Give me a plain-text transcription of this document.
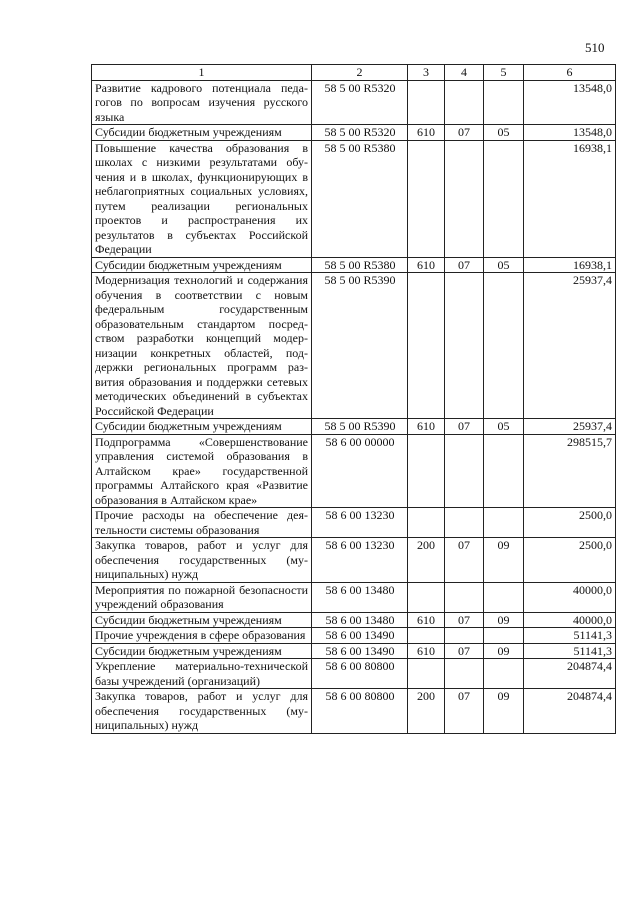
510
1	2	3	4	5	6
Развитие кадрового потенциала педагогов по вопросам изучения русского языка	58 5 00 R5320				13548,0
Субсидии бюджетным учреждениям	58 5 00 R5320	610	07	05	13548,0
Повышение качества образования в школах с низкими результатами обучения и в школах, функционирующих в неблагоприятных социальных условиях, путем реализации региональных проектов и распространения их результатов в субъектах Российской Федерации	58 5 00 R5380				16938,1
Субсидии бюджетным учреждениям	58 5 00 R5380	610	07	05	16938,1
Модернизация технологий и содержания обучения в соответствии с новым федеральным государственным образовательным стандартом посредством разработки концепций модернизации конкретных областей, поддержки региональных программ развития образования и поддержки сетевых методических объединений в субъектах Российской Федерации	58 5 00 R5390				25937,4
Субсидии бюджетным учреждениям	58 5 00 R5390	610	07	05	25937,4
Подпрограмма «Совершенствование управления системой образования в Алтайском крае» государственной программы Алтайского края «Развитие образования в Алтайском крае»	58 6 00 00000				298515,7
Прочие расходы на обеспечение деятельности системы образования	58 6 00 13230				2500,0
Закупка товаров, работ и услуг для обеспечения государственных (муниципальных) нужд	58 6 00 13230	200	07	09	2500,0
Мероприятия по пожарной безопасности учреждений образования	58 6 00 13480				40000,0
Субсидии бюджетным учреждениям	58 6 00 13480	610	07	09	40000,0
Прочие учреждения в сфере образования	58 6 00 13490				51141,3
Субсидии бюджетным учреждениям	58 6 00 13490	610	07	09	51141,3
Укрепление материально-технической базы учреждений (организаций)	58 6 00 80800				204874,4
Закупка товаров, работ и услуг для обеспечения государственных (муниципальных) нужд	58 6 00 80800	200	07	09	204874,4
